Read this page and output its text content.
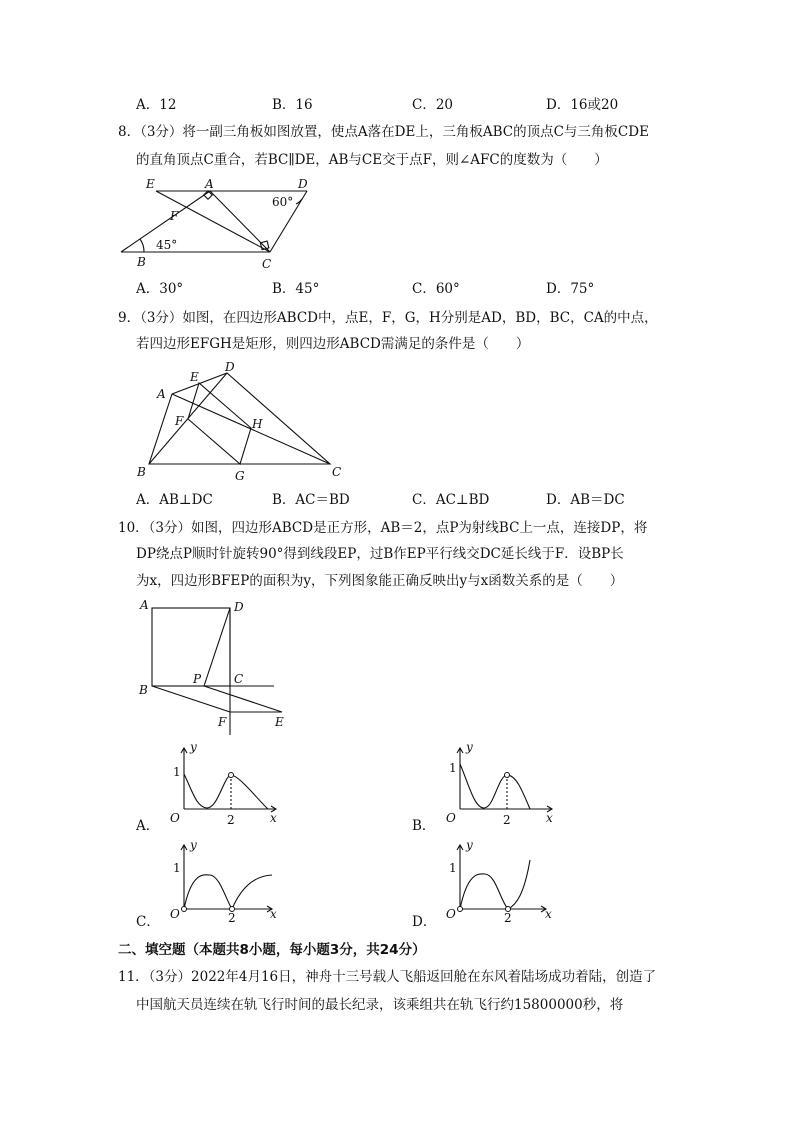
A．12	B．16	C．20	D．16或20
8．（3分）将一副三角板如图放置，使点A落在DE上，三角板ABC的顶点C与三角板CDE
的直角顶点C重合，若BC∥DE，AB与CE交于点F，则∠AFC的度数为（　　）
E	A	D
F
B	C
60°
45°
A．30°	B．45°	C．60°	D．75°
9．（3分）如图，在四边形ABCD中，点E，F，G，H分别是AD，BD，BC，CA的中点，
若四边形EFGH是矩形，则四边形ABCD需满足的条件是（　　）
A
E
D
F	H
B	G	C
A．AB⊥DC	B．AC＝BD	C．AC⊥BD	D．AB＝DC
10．（3分）如图，四边形ABCD是正方形，AB＝2，点P为射线BC上一点，连接DP，将
DP绕点P顺时针旋转90°得到线段EP，过B作EP平行线交DC延长线于F．设BP长
为x，四边形BFEP的面积为y，下列图象能正确反映出y与x函数关系的是（　　）
A	D
B
P	C
F	E
y
x
O
1
2
A．
y
x
O
1
2
B．
y
x
O
1
2
C．
y
x
O
1
2
D．
二、填空题（本题共8小题，每小题3分，共24分）
11．（3分）2022年4月16日，神舟十三号载人飞船返回舱在东风着陆场成功着陆，创造了
中国航天员连续在轨飞行时间的最长纪录，该乘组共在轨飞行约15800000秒，将
